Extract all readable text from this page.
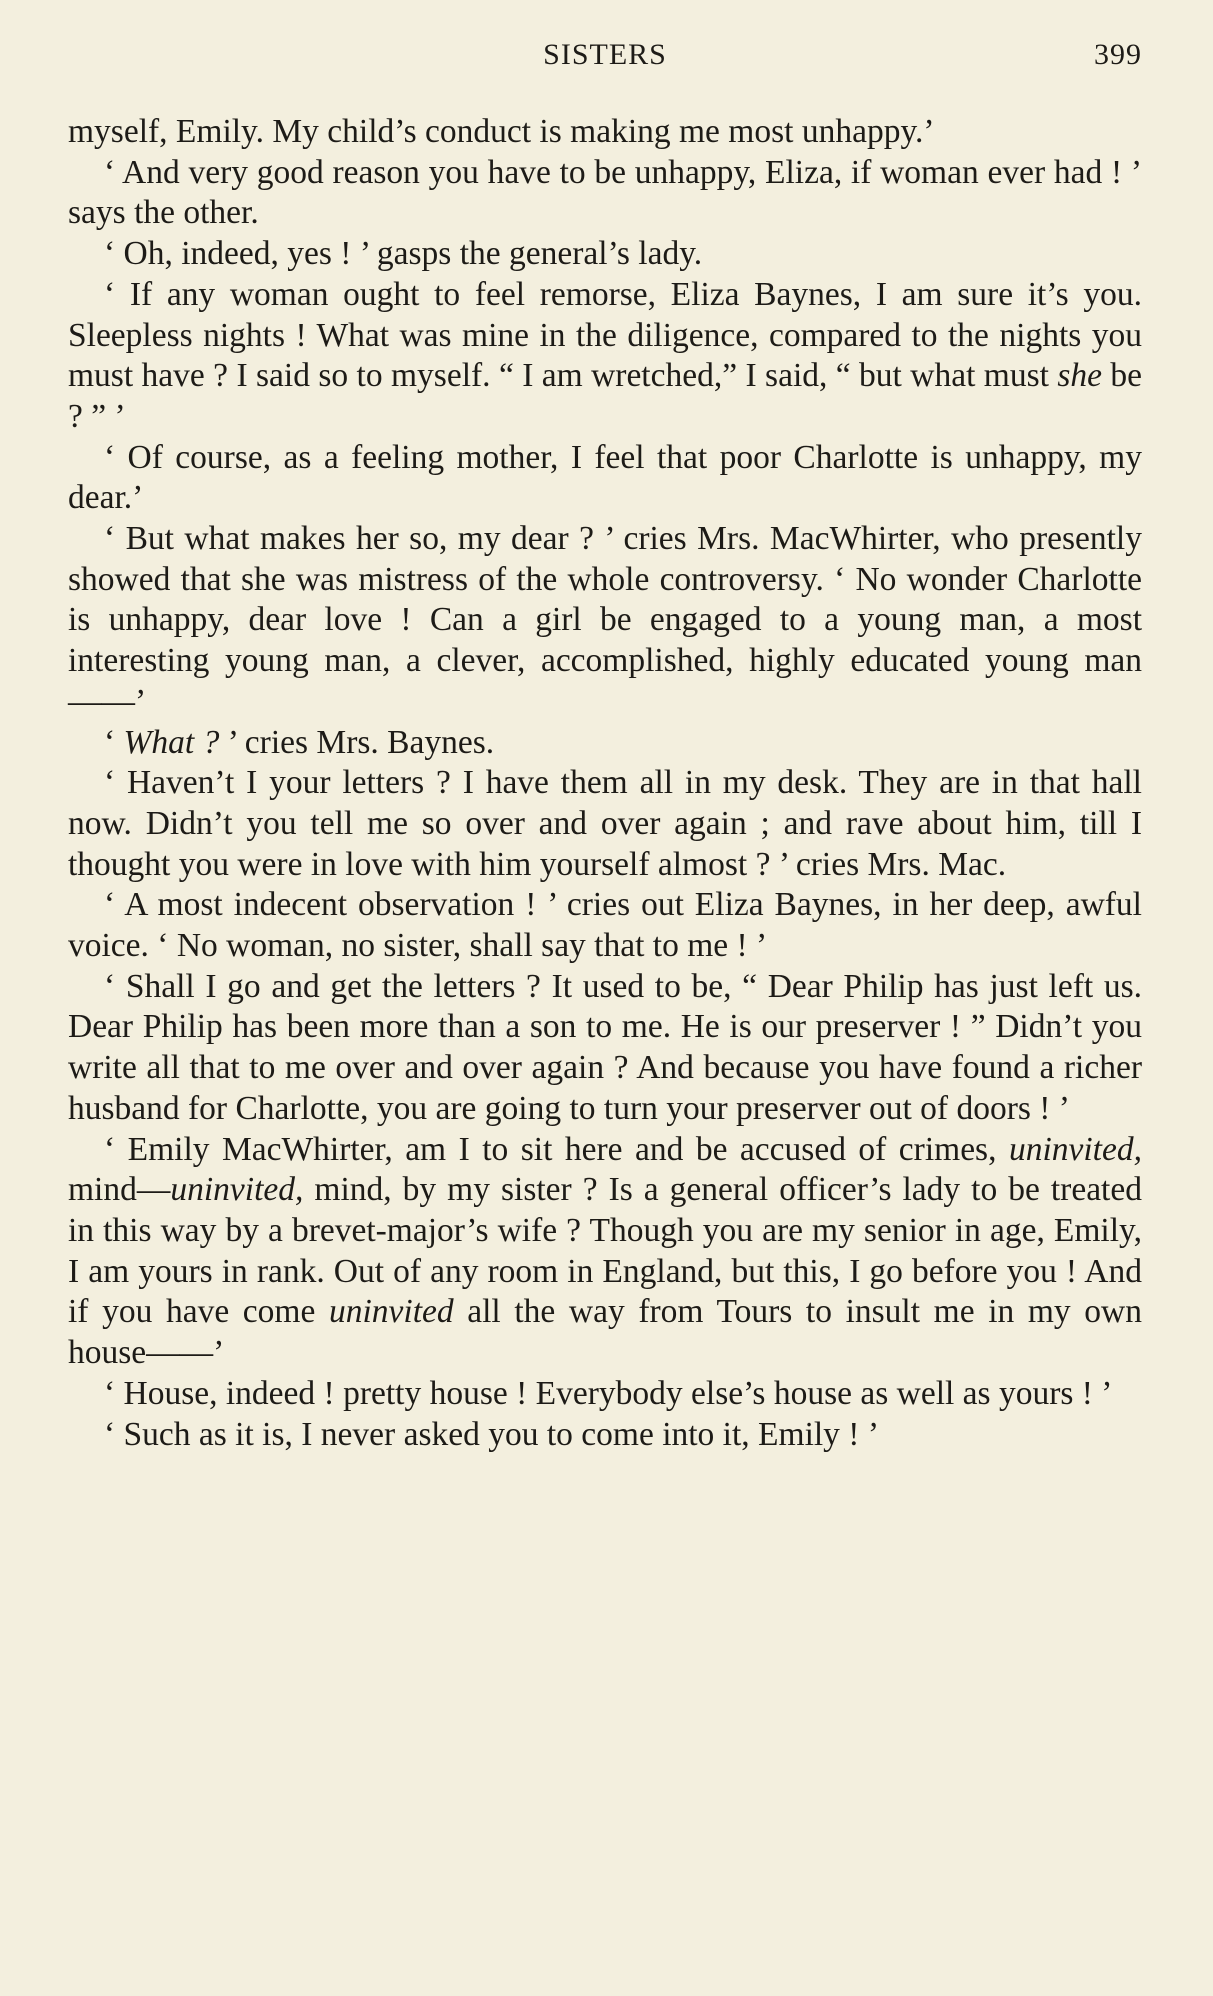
SISTERS	399

myself, Emily. My child’s conduct is making me most unhappy.’

‘ And very good reason you have to be unhappy, Eliza, if woman ever had ! ’ says the other.

‘ Oh, indeed, yes ! ’ gasps the general’s lady.

‘ If any woman ought to feel remorse, Eliza Baynes, I am sure it’s you. Sleepless nights ! What was mine in the diligence, compared to the nights you must have ? I said so to myself. “ I am wretched,” I said, “ but what must she be ? ” ’

‘ Of course, as a feeling mother, I feel that poor Charlotte is unhappy, my dear.’

‘ But what makes her so, my dear ? ’ cries Mrs. MacWhirter, who presently showed that she was mistress of the whole controversy. ‘ No wonder Charlotte is unhappy, dear love ! Can a girl be engaged to a young man, a most interesting young man, a clever, accomplished, highly educated young man——’

‘ What ? ’ cries Mrs. Baynes.

‘ Haven’t I your letters ? I have them all in my desk. They are in that hall now. Didn’t you tell me so over and over again ; and rave about him, till I thought you were in love with him yourself almost ? ’ cries Mrs. Mac.

‘ A most indecent observation ! ’ cries out Eliza Baynes, in her deep, awful voice. ‘ No woman, no sister, shall say that to me ! ’

‘ Shall I go and get the letters ? It used to be, “ Dear Philip has just left us. Dear Philip has been more than a son to me. He is our preserver ! ” Didn’t you write all that to me over and over again ? And because you have found a richer husband for Charlotte, you are going to turn your preserver out of doors ! ’

‘ Emily MacWhirter, am I to sit here and be accused of crimes, uninvited, mind—uninvited, mind, by my sister ? Is a general officer’s lady to be treated in this way by a brevet-major’s wife ? Though you are my senior in age, Emily, I am yours in rank. Out of any room in England, but this, I go before you ! And if you have come uninvited all the way from Tours to insult me in my own house——’

‘ House, indeed ! pretty house ! Everybody else’s house as well as yours ! ’

‘ Such as it is, I never asked you to come into it, Emily ! ’
